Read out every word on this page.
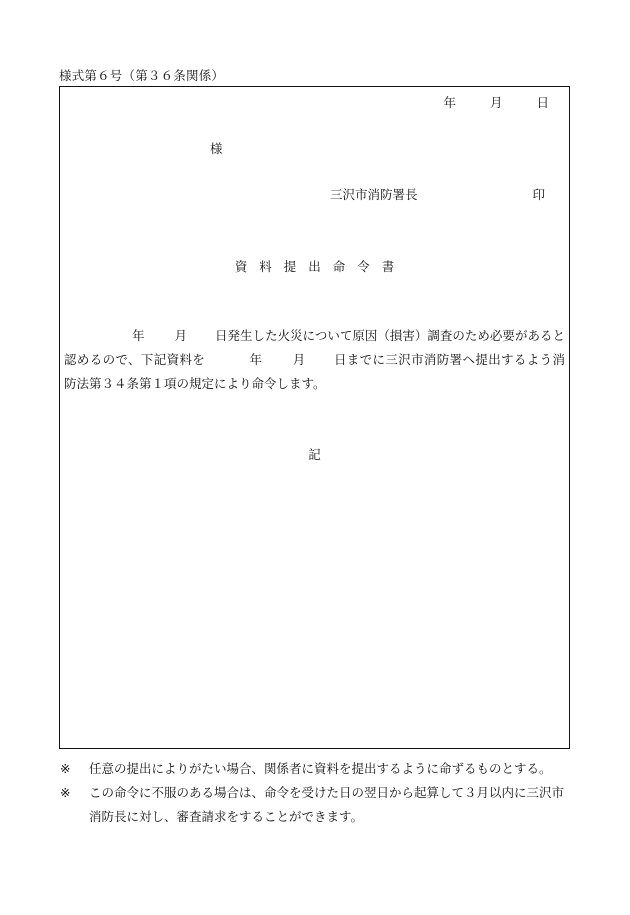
様式第６号（第３６条関係）
年	月	日
様
三沢市消防署長	印
資料提出命令書
年 月 日発生した火災について原因（損害）調査のため必要があると認めるので、下記資料を	年 月 日までに三沢市消防署へ提出するよう消防法第３４条第１項の規定により命令します。
記
※ 任意の提出によりがたい場合、関係者に資料を提出するように命ずるものとする。
※ この命令に不服のある場合は、命令を受けた日の翌日から起算して３月以内に三沢市消防長に対し、審査請求をすることができます。
